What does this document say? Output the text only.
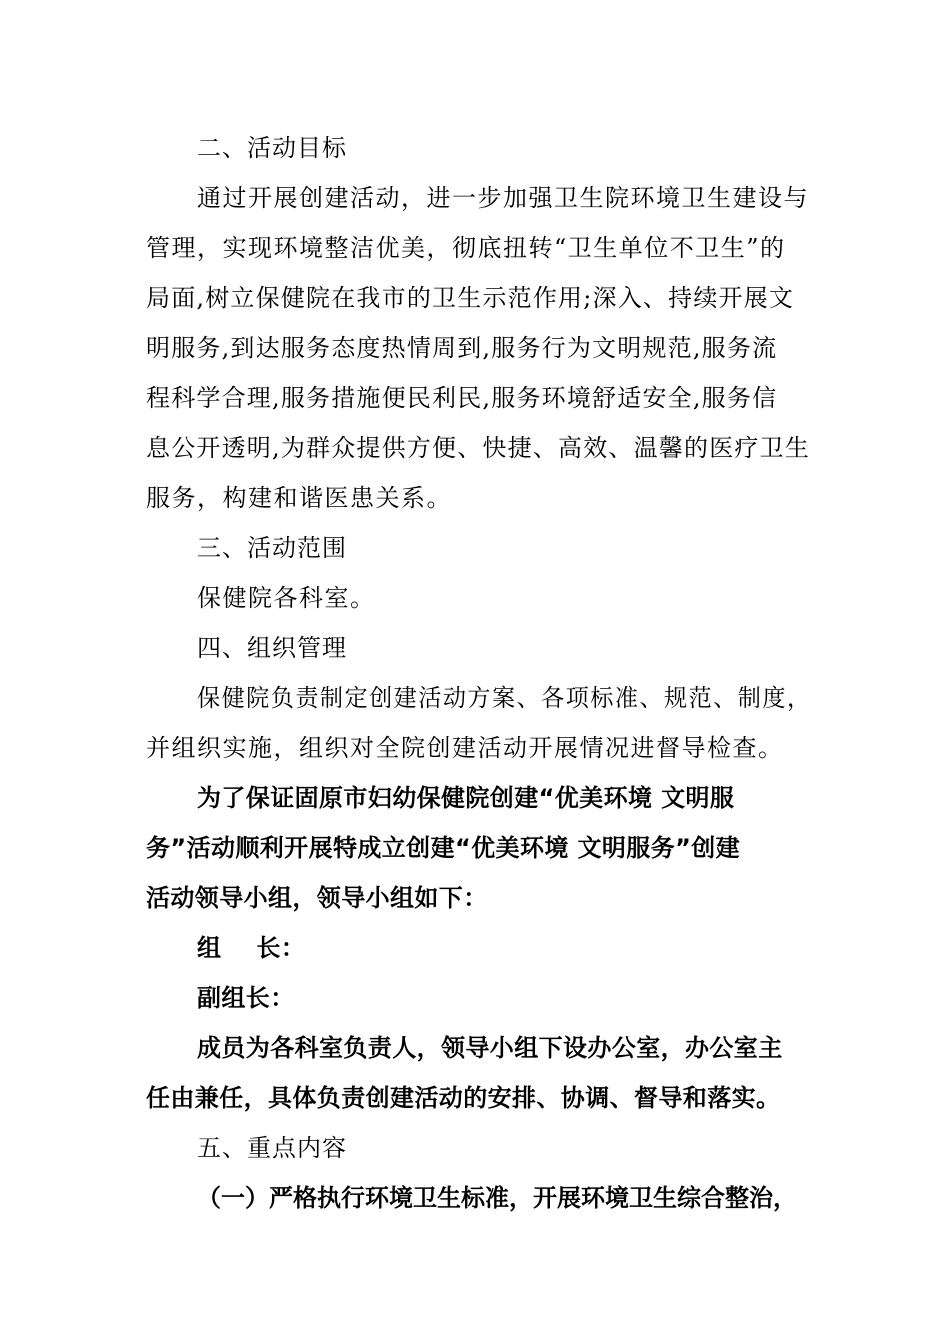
二、活动目标
通过开展创建活动，进一步加强卫生院环境卫生建设与
管理，实现环境整洁优美，彻底扭转“卫生单位不卫生”的
局面,树立保健院在我市的卫生示范作用;深入、持续开展文
明服务,到达服务态度热情周到,服务行为文明规范,服务流
程科学合理,服务措施便民利民,服务环境舒适安全,服务信
息公开透明,为群众提供方便、快捷、高效、温馨的医疗卫生
服务，构建和谐医患关系。
三、活动范围
保健院各科室。
四、组织管理
保健院负责制定创建活动方案、各项标准、规范、制度，
并组织实施，组织对全院创建活动开展情况进督导检查。
为了保证固原市妇幼保健院创建“优美环境 文明服
务”活动顺利开展特成立创建“优美环境 文明服务”创建
活动领导小组，领导小组如下：
组    长：
副组长：
成员为各科室负责人，领导小组下设办公室，办公室主
任由兼任，具体负责创建活动的安排、协调、督导和落实。
五、重点内容
（一）严格执行环境卫生标准，开展环境卫生综合整治，
